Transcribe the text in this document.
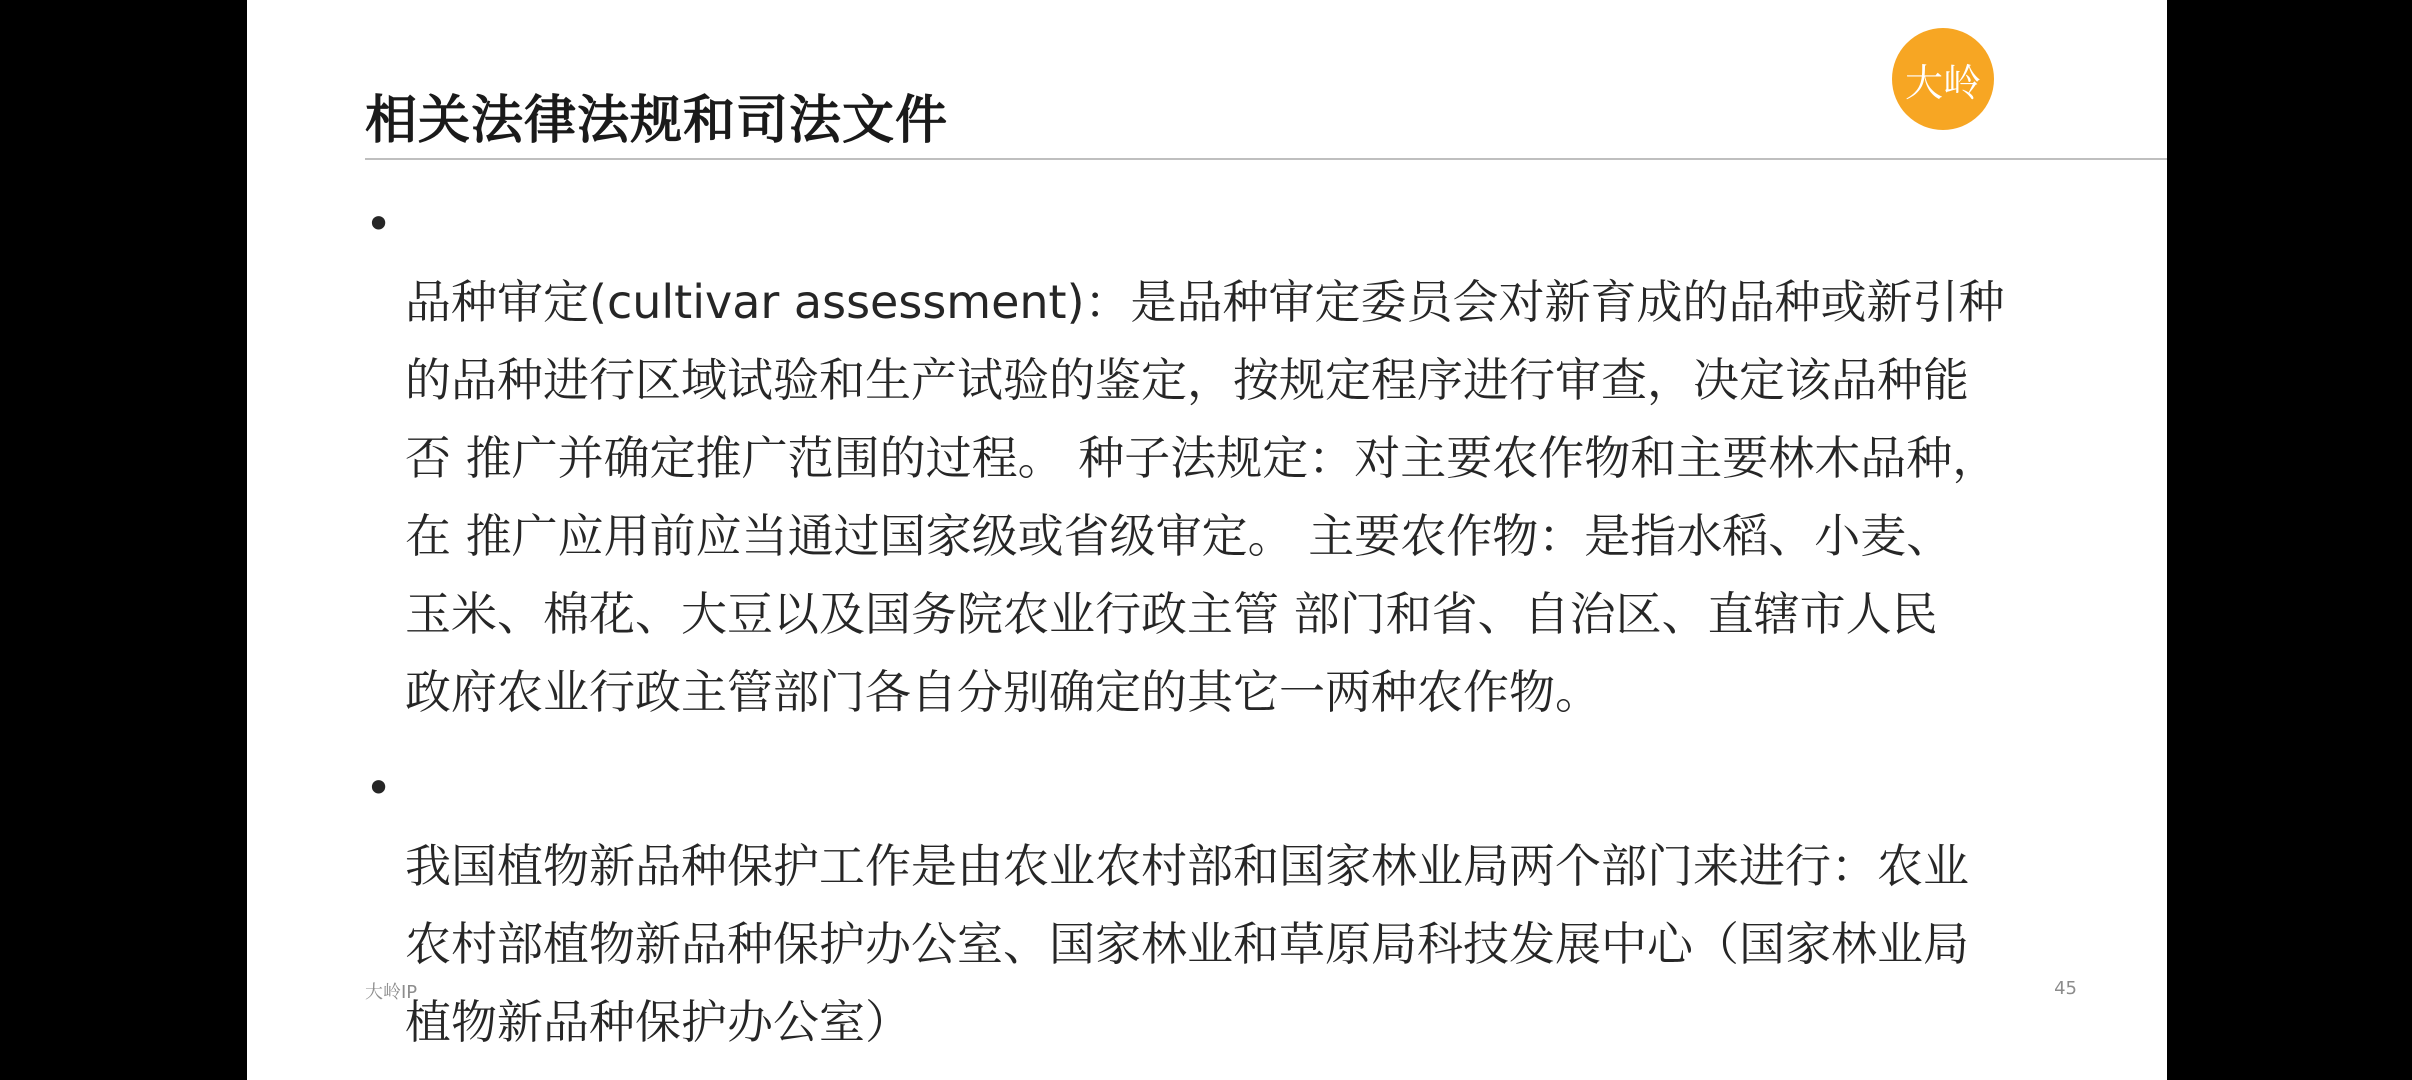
相关法律法规和司法文件
大岭

•
品种审定(cultivar assessment)：是品种审定委员会对新育成的品种或新引种
的品种进行区域试验和生产试验的鉴定，按规定程序进行审查，决定该品种能
否 推广并确定推广范围的过程。 种子法规定：对主要农作物和主要林木品种，
在 推广应用前应当通过国家级或省级审定。 主要农作物：是指水稻、小麦、
玉米、棉花、大豆以及国务院农业行政主管 部门和省、自治区、直辖市人民
政府农业行政主管部门各自分别确定的其它一两种农作物。

•
我国植物新品种保护工作是由农业农村部和国家林业局两个部门来进行：农业
农村部植物新品种保护办公室、国家林业和草原局科技发展中心（国家林业局
植物新品种保护办公室）

大岭IP	45
